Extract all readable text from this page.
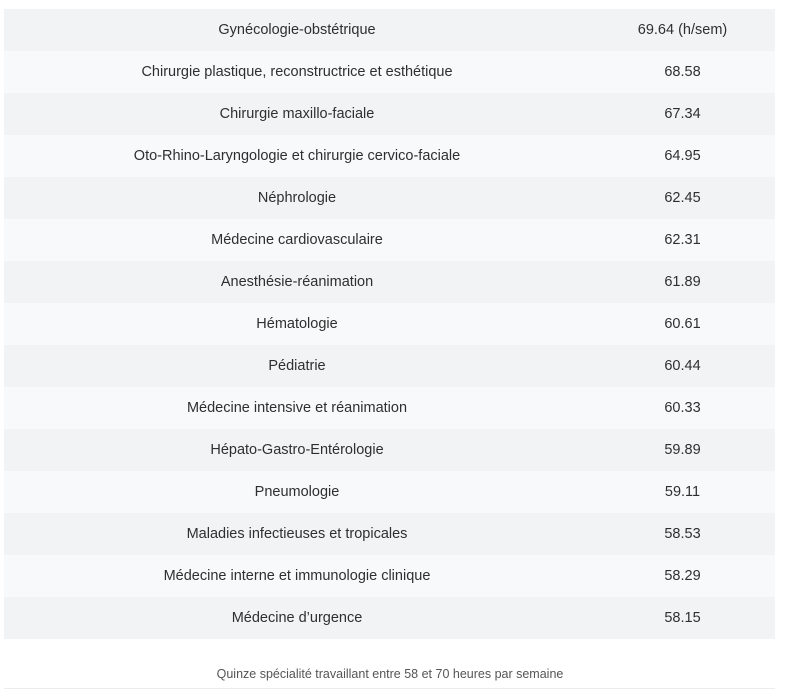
Gynécologie-obstétrique	69.64 (h/sem)
Chirurgie plastique, reconstructrice et esthétique	68.58
Chirurgie maxillo-faciale	67.34
Oto-Rhino-Laryngologie et chirurgie cervico-faciale	64.95
Néphrologie	62.45
Médecine cardiovasculaire	62.31
Anesthésie-réanimation	61.89
Hématologie	60.61
Pédiatrie	60.44
Médecine intensive et réanimation	60.33
Hépato-Gastro-Entérologie	59.89
Pneumologie	59.11
Maladies infectieuses et tropicales	58.53
Médecine interne et immunologie clinique	58.29
Médecine d’urgence	58.15
Quinze spécialité travaillant entre 58 et 70 heures par semaine
